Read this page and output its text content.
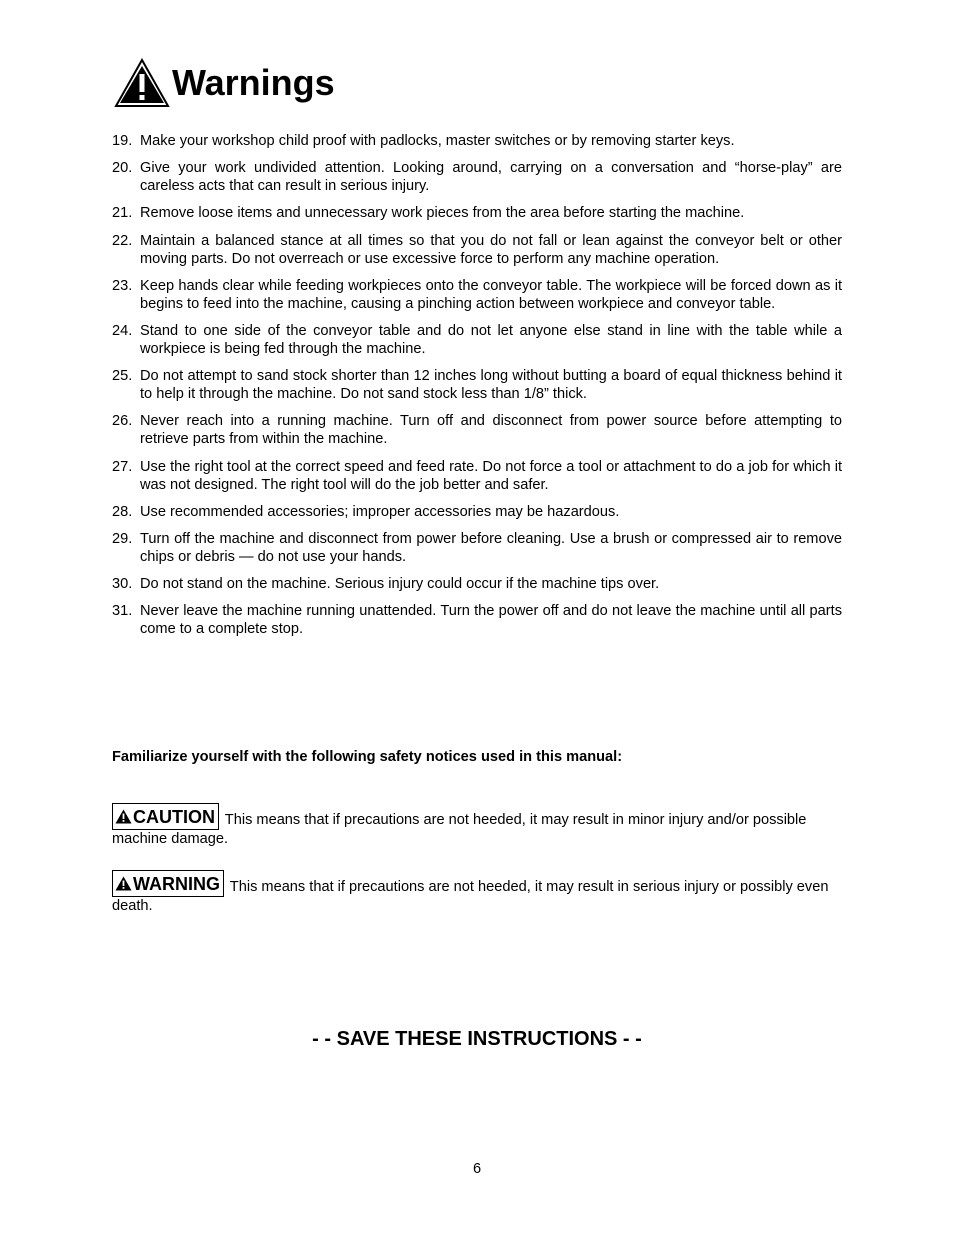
Warnings
19. Make your workshop child proof with padlocks, master switches or by removing starter keys.
20. Give your work undivided attention. Looking around, carrying on a conversation and “horse-play” are careless acts that can result in serious injury.
21. Remove loose items and unnecessary work pieces from the area before starting the machine.
22. Maintain a balanced stance at all times so that you do not fall or lean against the conveyor belt or other moving parts. Do not overreach or use excessive force to perform any machine operation.
23. Keep hands clear while feeding workpieces onto the conveyor table. The workpiece will be forced down as it begins to feed into the machine, causing a pinching action between workpiece and conveyor table.
24. Stand to one side of the conveyor table and do not let anyone else stand in line with the table while a workpiece is being fed through the machine.
25. Do not attempt to sand stock shorter than 12 inches long without butting a board of equal thickness behind it to help it through the machine. Do not sand stock less than 1/8” thick.
26. Never reach into a running machine. Turn off and disconnect from power source before attempting to retrieve parts from within the machine.
27. Use the right tool at the correct speed and feed rate. Do not force a tool or attachment to do a job for which it was not designed. The right tool will do the job better and safer.
28. Use recommended accessories; improper accessories may be hazardous.
29. Turn off the machine and disconnect from power before cleaning. Use a brush or compressed air to remove chips or debris — do not use your hands.
30. Do not stand on the machine. Serious injury could occur if the machine tips over.
31. Never leave the machine running unattended. Turn the power off and do not leave the machine until all parts come to a complete stop.
Familiarize yourself with the following safety notices used in this manual:
CAUTION This means that if precautions are not heeded, it may result in minor injury and/or possible machine damage.
WARNING This means that if precautions are not heeded, it may result in serious injury or possibly even death.
- - SAVE THESE INSTRUCTIONS - -
6
